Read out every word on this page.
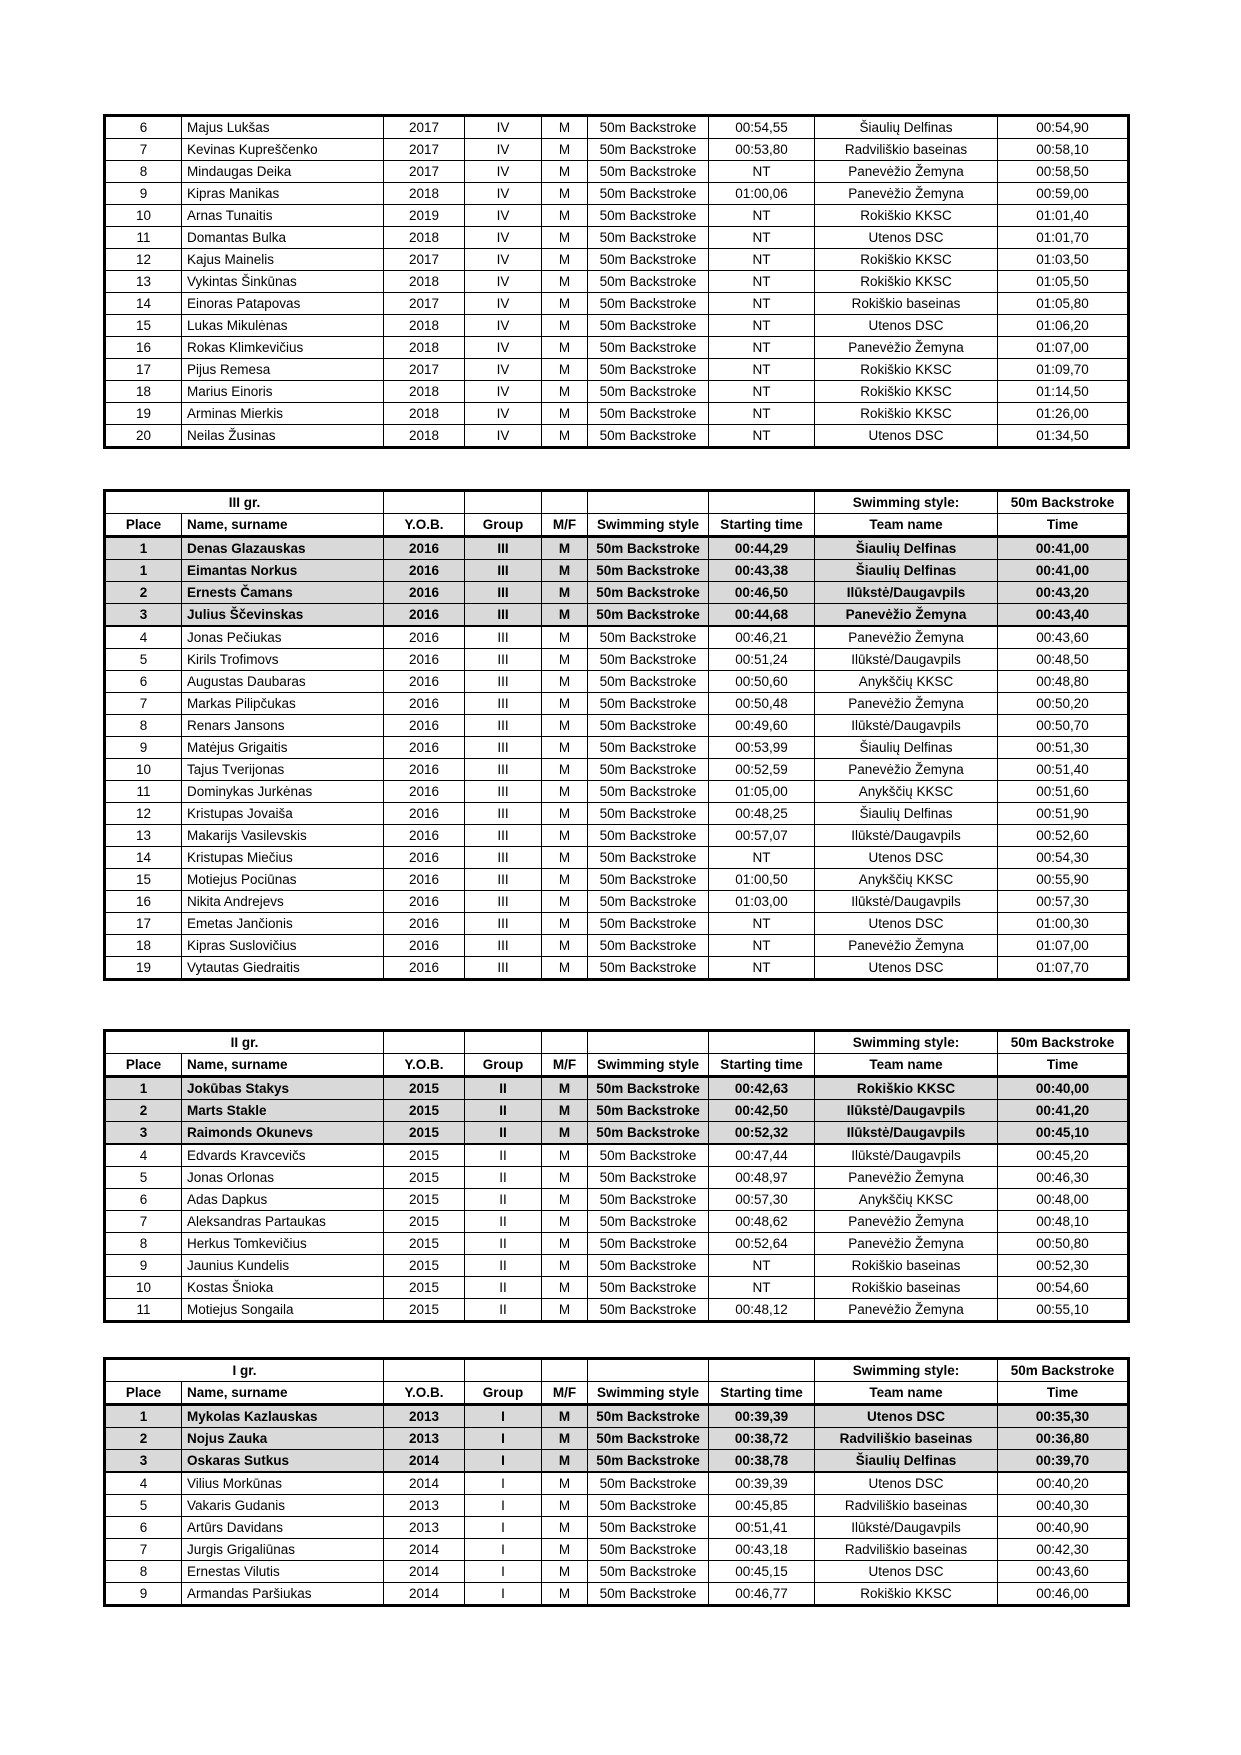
6	Majus Lukšas	2017	IV	M	50m Backstroke	00:54,55	Šiaulių Delfinas	00:54,90
7	Kevinas Kupreščenko	2017	IV	M	50m Backstroke	00:53,80	Radviliškio baseinas	00:58,10
8	Mindaugas Deika	2017	IV	M	50m Backstroke	NT	Panevėžio Žemyna	00:58,50
9	Kipras Manikas	2018	IV	M	50m Backstroke	01:00,06	Panevėžio Žemyna	00:59,00
10	Arnas Tunaitis	2019	IV	M	50m Backstroke	NT	Rokiškio KKSC	01:01,40
11	Domantas Bulka	2018	IV	M	50m Backstroke	NT	Utenos DSC	01:01,70
12	Kajus Mainelis	2017	IV	M	50m Backstroke	NT	Rokiškio KKSC	01:03,50
13	Vykintas Šinkūnas	2018	IV	M	50m Backstroke	NT	Rokiškio KKSC	01:05,50
14	Einoras Patapovas	2017	IV	M	50m Backstroke	NT	Rokiškio baseinas	01:05,80
15	Lukas Mikulėnas	2018	IV	M	50m Backstroke	NT	Utenos DSC	01:06,20
16	Rokas Klimkevičius	2018	IV	M	50m Backstroke	NT	Panevėžio Žemyna	01:07,00
17	Pijus Remesa	2017	IV	M	50m Backstroke	NT	Rokiškio KKSC	01:09,70
18	Marius Einoris	2018	IV	M	50m Backstroke	NT	Rokiškio KKSC	01:14,50
19	Arminas Mierkis	2018	IV	M	50m Backstroke	NT	Rokiškio KKSC	01:26,00
20	Neilas Žusinas	2018	IV	M	50m Backstroke	NT	Utenos DSC	01:34,50
III gr.							Swimming style:	50m Backstroke
Place	Name, surname	Y.O.B.	Group	M/F	Swimming style	Starting time	Team name	Time
1	Denas Glazauskas	2016	III	M	50m Backstroke	00:44,29	Šiaulių Delfinas	00:41,00
1	Eimantas Norkus	2016	III	M	50m Backstroke	00:43,38	Šiaulių Delfinas	00:41,00
2	Ernests Čamans	2016	III	M	50m Backstroke	00:46,50	Ilūkstė/Daugavpils	00:43,20
3	Julius Ščevinskas	2016	III	M	50m Backstroke	00:44,68	Panevėžio Žemyna	00:43,40
4	Jonas Pečiukas	2016	III	M	50m Backstroke	00:46,21	Panevėžio Žemyna	00:43,60
5	Kirils Trofimovs	2016	III	M	50m Backstroke	00:51,24	Ilūkstė/Daugavpils	00:48,50
6	Augustas Daubaras	2016	III	M	50m Backstroke	00:50,60	Anykščių KKSC	00:48,80
7	Markas Pilipčukas	2016	III	M	50m Backstroke	00:50,48	Panevėžio Žemyna	00:50,20
8	Renars Jansons	2016	III	M	50m Backstroke	00:49,60	Ilūkstė/Daugavpils	00:50,70
9	Matėjus Grigaitis	2016	III	M	50m Backstroke	00:53,99	Šiaulių Delfinas	00:51,30
10	Tajus Tverijonas	2016	III	M	50m Backstroke	00:52,59	Panevėžio Žemyna	00:51,40
11	Dominykas Jurkėnas	2016	III	M	50m Backstroke	01:05,00	Anykščių KKSC	00:51,60
12	Kristupas Jovaiša	2016	III	M	50m Backstroke	00:48,25	Šiaulių Delfinas	00:51,90
13	Makarijs Vasilevskis	2016	III	M	50m Backstroke	00:57,07	Ilūkstė/Daugavpils	00:52,60
14	Kristupas Miečius	2016	III	M	50m Backstroke	NT	Utenos DSC	00:54,30
15	Motiejus Pociūnas	2016	III	M	50m Backstroke	01:00,50	Anykščių KKSC	00:55,90
16	Nikita Andrejevs	2016	III	M	50m Backstroke	01:03,00	Ilūkstė/Daugavpils	00:57,30
17	Emetas Jančionis	2016	III	M	50m Backstroke	NT	Utenos DSC	01:00,30
18	Kipras Suslovičius	2016	III	M	50m Backstroke	NT	Panevėžio Žemyna	01:07,00
19	Vytautas Giedraitis	2016	III	M	50m Backstroke	NT	Utenos DSC	01:07,70
II gr.							Swimming style:	50m Backstroke
Place	Name, surname	Y.O.B.	Group	M/F	Swimming style	Starting time	Team name	Time
1	Jokūbas Stakys	2015	II	M	50m Backstroke	00:42,63	Rokiškio KKSC	00:40,00
2	Marts Stakle	2015	II	M	50m Backstroke	00:42,50	Ilūkstė/Daugavpils	00:41,20
3	Raimonds Okunevs	2015	II	M	50m Backstroke	00:52,32	Ilūkstė/Daugavpils	00:45,10
4	Edvards Kravcevičs	2015	II	M	50m Backstroke	00:47,44	Ilūkstė/Daugavpils	00:45,20
5	Jonas Orlonas	2015	II	M	50m Backstroke	00:48,97	Panevėžio Žemyna	00:46,30
6	Adas Dapkus	2015	II	M	50m Backstroke	00:57,30	Anykščių KKSC	00:48,00
7	Aleksandras Partaukas	2015	II	M	50m Backstroke	00:48,62	Panevėžio Žemyna	00:48,10
8	Herkus Tomkevičius	2015	II	M	50m Backstroke	00:52,64	Panevėžio Žemyna	00:50,80
9	Jaunius Kundelis	2015	II	M	50m Backstroke	NT	Rokiškio baseinas	00:52,30
10	Kostas Šnioka	2015	II	M	50m Backstroke	NT	Rokiškio baseinas	00:54,60
11	Motiejus Songaila	2015	II	M	50m Backstroke	00:48,12	Panevėžio Žemyna	00:55,10
I gr.							Swimming style:	50m Backstroke
Place	Name, surname	Y.O.B.	Group	M/F	Swimming style	Starting time	Team name	Time
1	Mykolas Kazlauskas	2013	I	M	50m Backstroke	00:39,39	Utenos DSC	00:35,30
2	Nojus Zauka	2013	I	M	50m Backstroke	00:38,72	Radviliškio baseinas	00:36,80
3	Oskaras Sutkus	2014	I	M	50m Backstroke	00:38,78	Šiaulių Delfinas	00:39,70
4	Vilius Morkūnas	2014	I	M	50m Backstroke	00:39,39	Utenos DSC	00:40,20
5	Vakaris Gudanis	2013	I	M	50m Backstroke	00:45,85	Radviliškio baseinas	00:40,30
6	Artūrs Davidans	2013	I	M	50m Backstroke	00:51,41	Ilūkstė/Daugavpils	00:40,90
7	Jurgis Grigaliūnas	2014	I	M	50m Backstroke	00:43,18	Radviliškio baseinas	00:42,30
8	Ernestas Vilutis	2014	I	M	50m Backstroke	00:45,15	Utenos DSC	00:43,60
9	Armandas Paršiukas	2014	I	M	50m Backstroke	00:46,77	Rokiškio KKSC	00:46,00
